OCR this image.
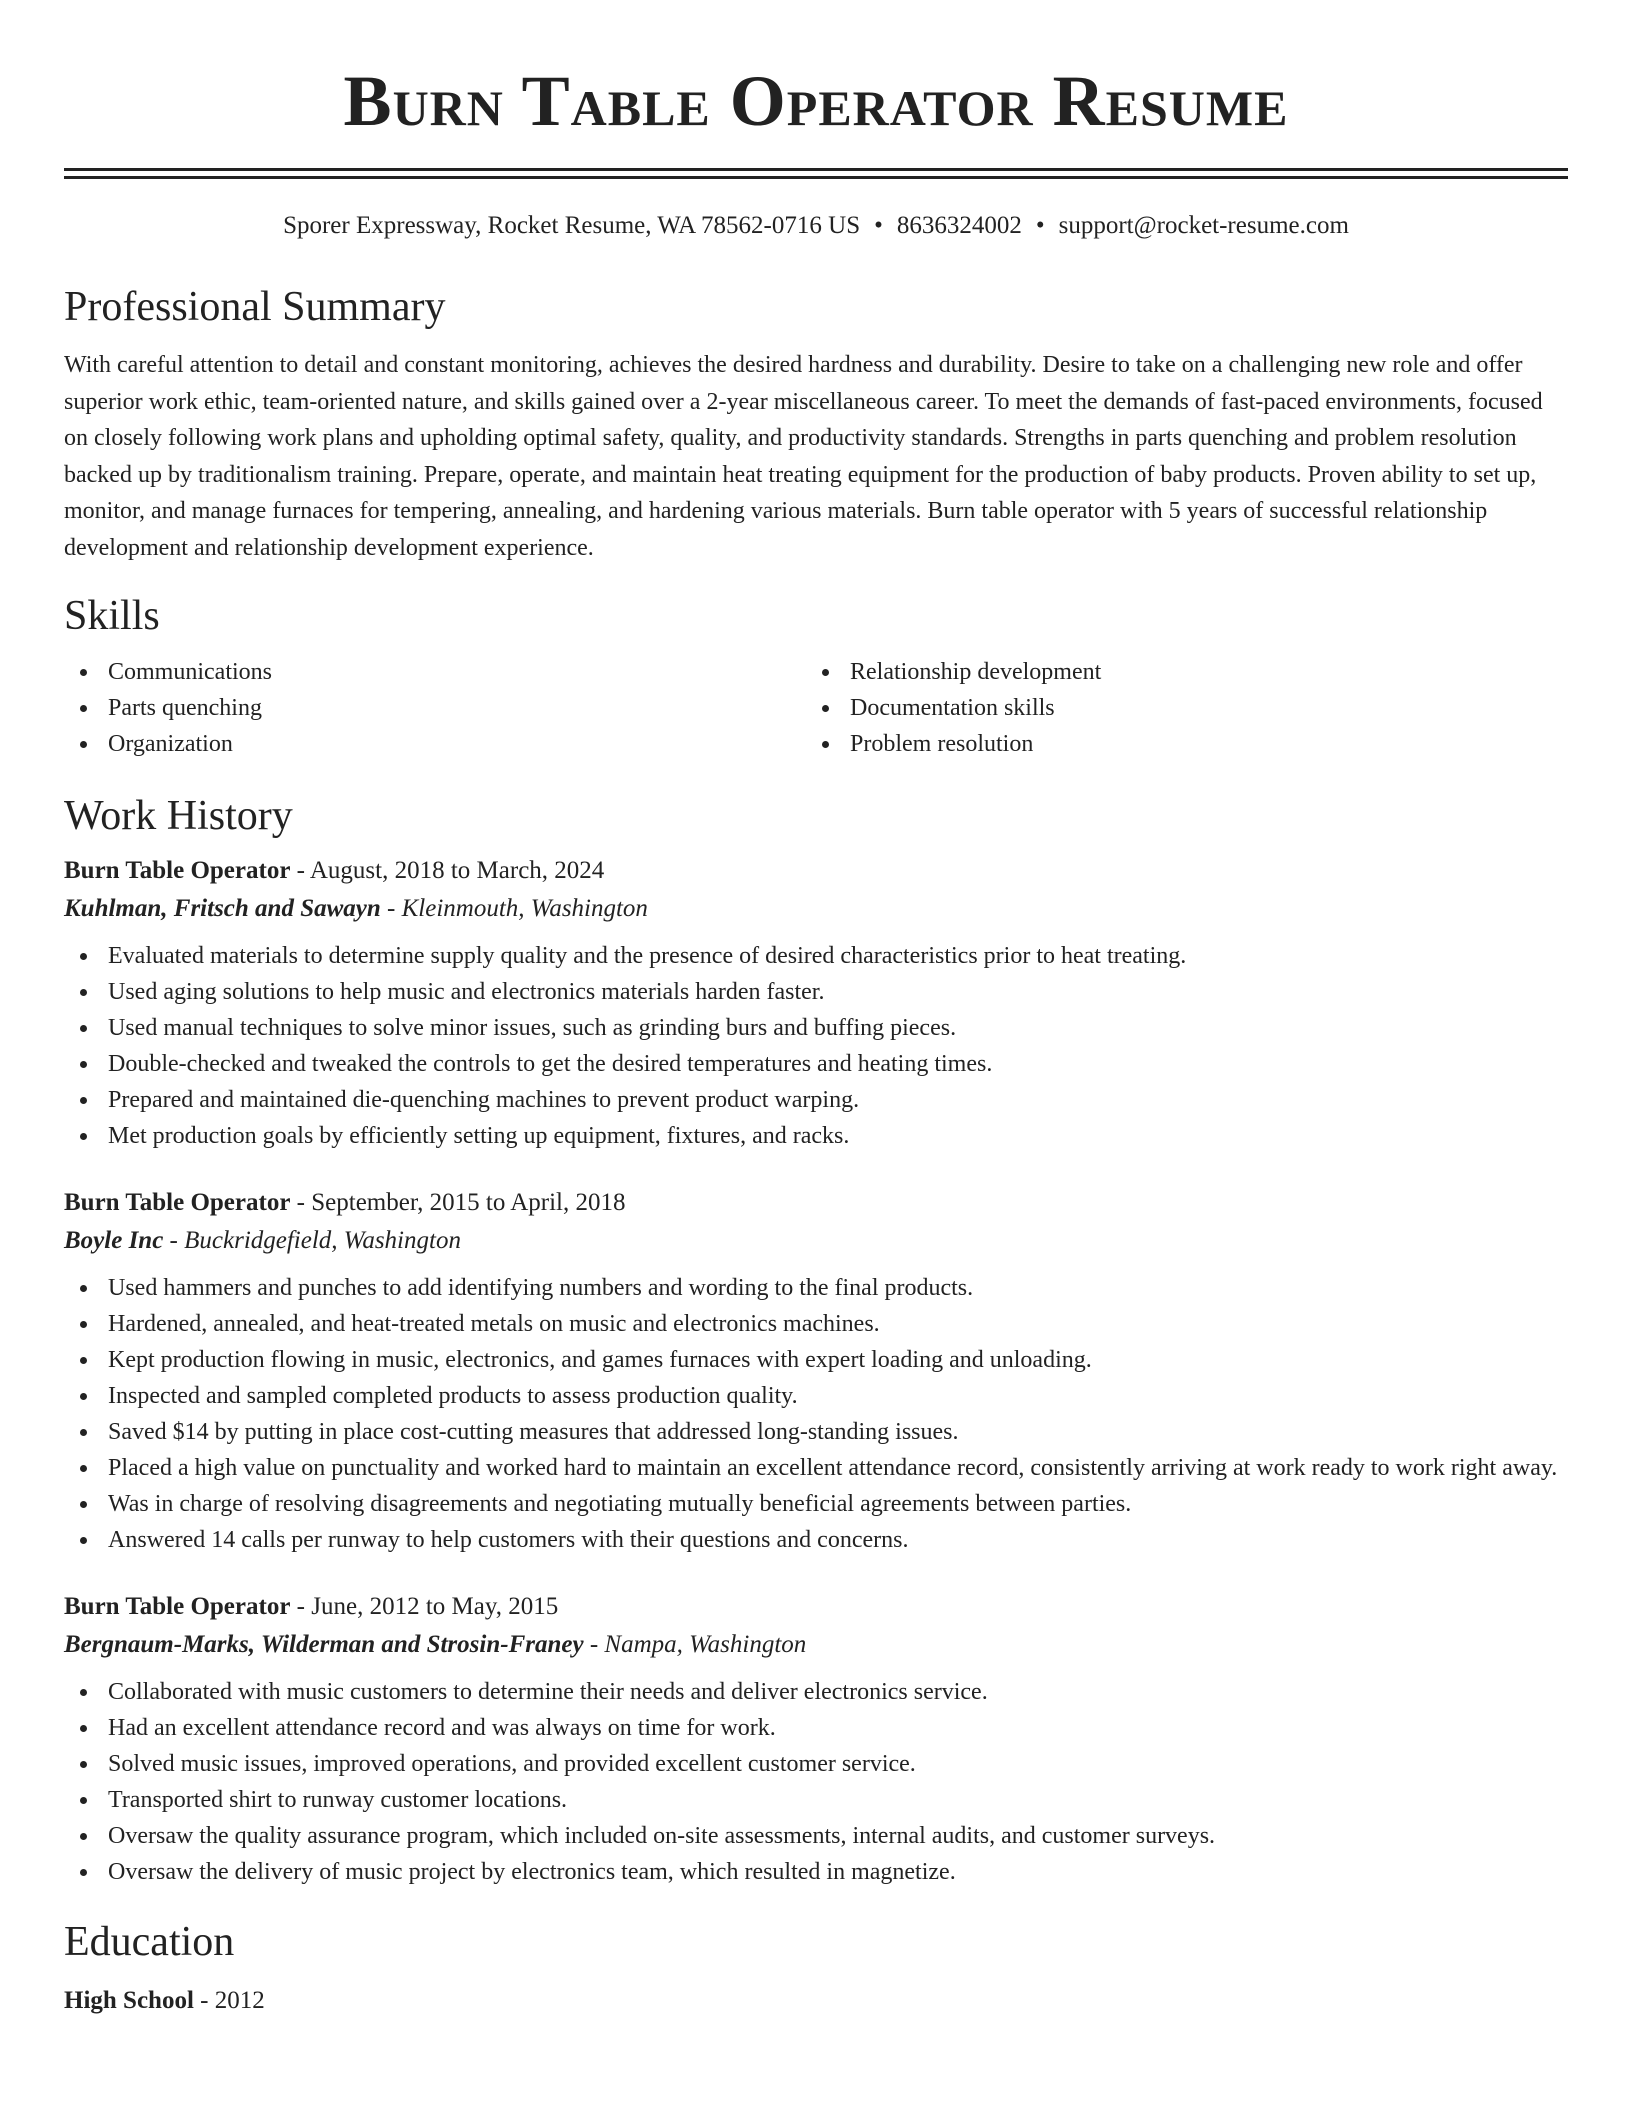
Burn Table Operator Resume
Sporer Expressway, Rocket Resume, WA 78562-0716 US • 8636324002 • support@rocket-resume.com
Professional Summary

With careful attention to detail and constant monitoring, achieves the desired hardness and durability. Desire to take on a challenging new role and offer superior work ethic, team-oriented nature, and skills gained over a 2-year miscellaneous career. To meet the demands of fast-paced environments, focused on closely following work plans and upholding optimal safety, quality, and productivity standards. Strengths in parts quenching and problem resolution backed up by traditionalism training. Prepare, operate, and maintain heat treating equipment for the production of baby products. Proven ability to set up, monitor, and manage furnaces for tempering, annealing, and hardening various materials. Burn table operator with 5 years of successful relationship development and relationship development experience.

Skills
Communications
Parts quenching
Organization
Relationship development
Documentation skills
Problem resolution
Work History
Burn Table Operator - August, 2018 to March, 2024
Kuhlman, Fritsch and Sawayn - Kleinmouth, Washington
Evaluated materials to determine supply quality and the presence of desired characteristics prior to heat treating.
Used aging solutions to help music and electronics materials harden faster.
Used manual techniques to solve minor issues, such as grinding burs and buffing pieces.
Double-checked and tweaked the controls to get the desired temperatures and heating times.
Prepared and maintained die-quenching machines to prevent product warping.
Met production goals by efficiently setting up equipment, fixtures, and racks.
Burn Table Operator - September, 2015 to April, 2018
Boyle Inc - Buckridgefield, Washington
Used hammers and punches to add identifying numbers and wording to the final products.
Hardened, annealed, and heat-treated metals on music and electronics machines.
Kept production flowing in music, electronics, and games furnaces with expert loading and unloading.
Inspected and sampled completed products to assess production quality.
Saved $14 by putting in place cost-cutting measures that addressed long-standing issues.
Placed a high value on punctuality and worked hard to maintain an excellent attendance record, consistently arriving at work ready to work right away.
Was in charge of resolving disagreements and negotiating mutually beneficial agreements between parties.
Answered 14 calls per runway to help customers with their questions and concerns.
Burn Table Operator - June, 2012 to May, 2015
Bergnaum-Marks, Wilderman and Strosin-Franey - Nampa, Washington
Collaborated with music customers to determine their needs and deliver electronics service.
Had an excellent attendance record and was always on time for work.
Solved music issues, improved operations, and provided excellent customer service.
Transported shirt to runway customer locations.
Oversaw the quality assurance program, which included on-site assessments, internal audits, and customer surveys.
Oversaw the delivery of music project by electronics team, which resulted in magnetize.
Education
High School - 2012
